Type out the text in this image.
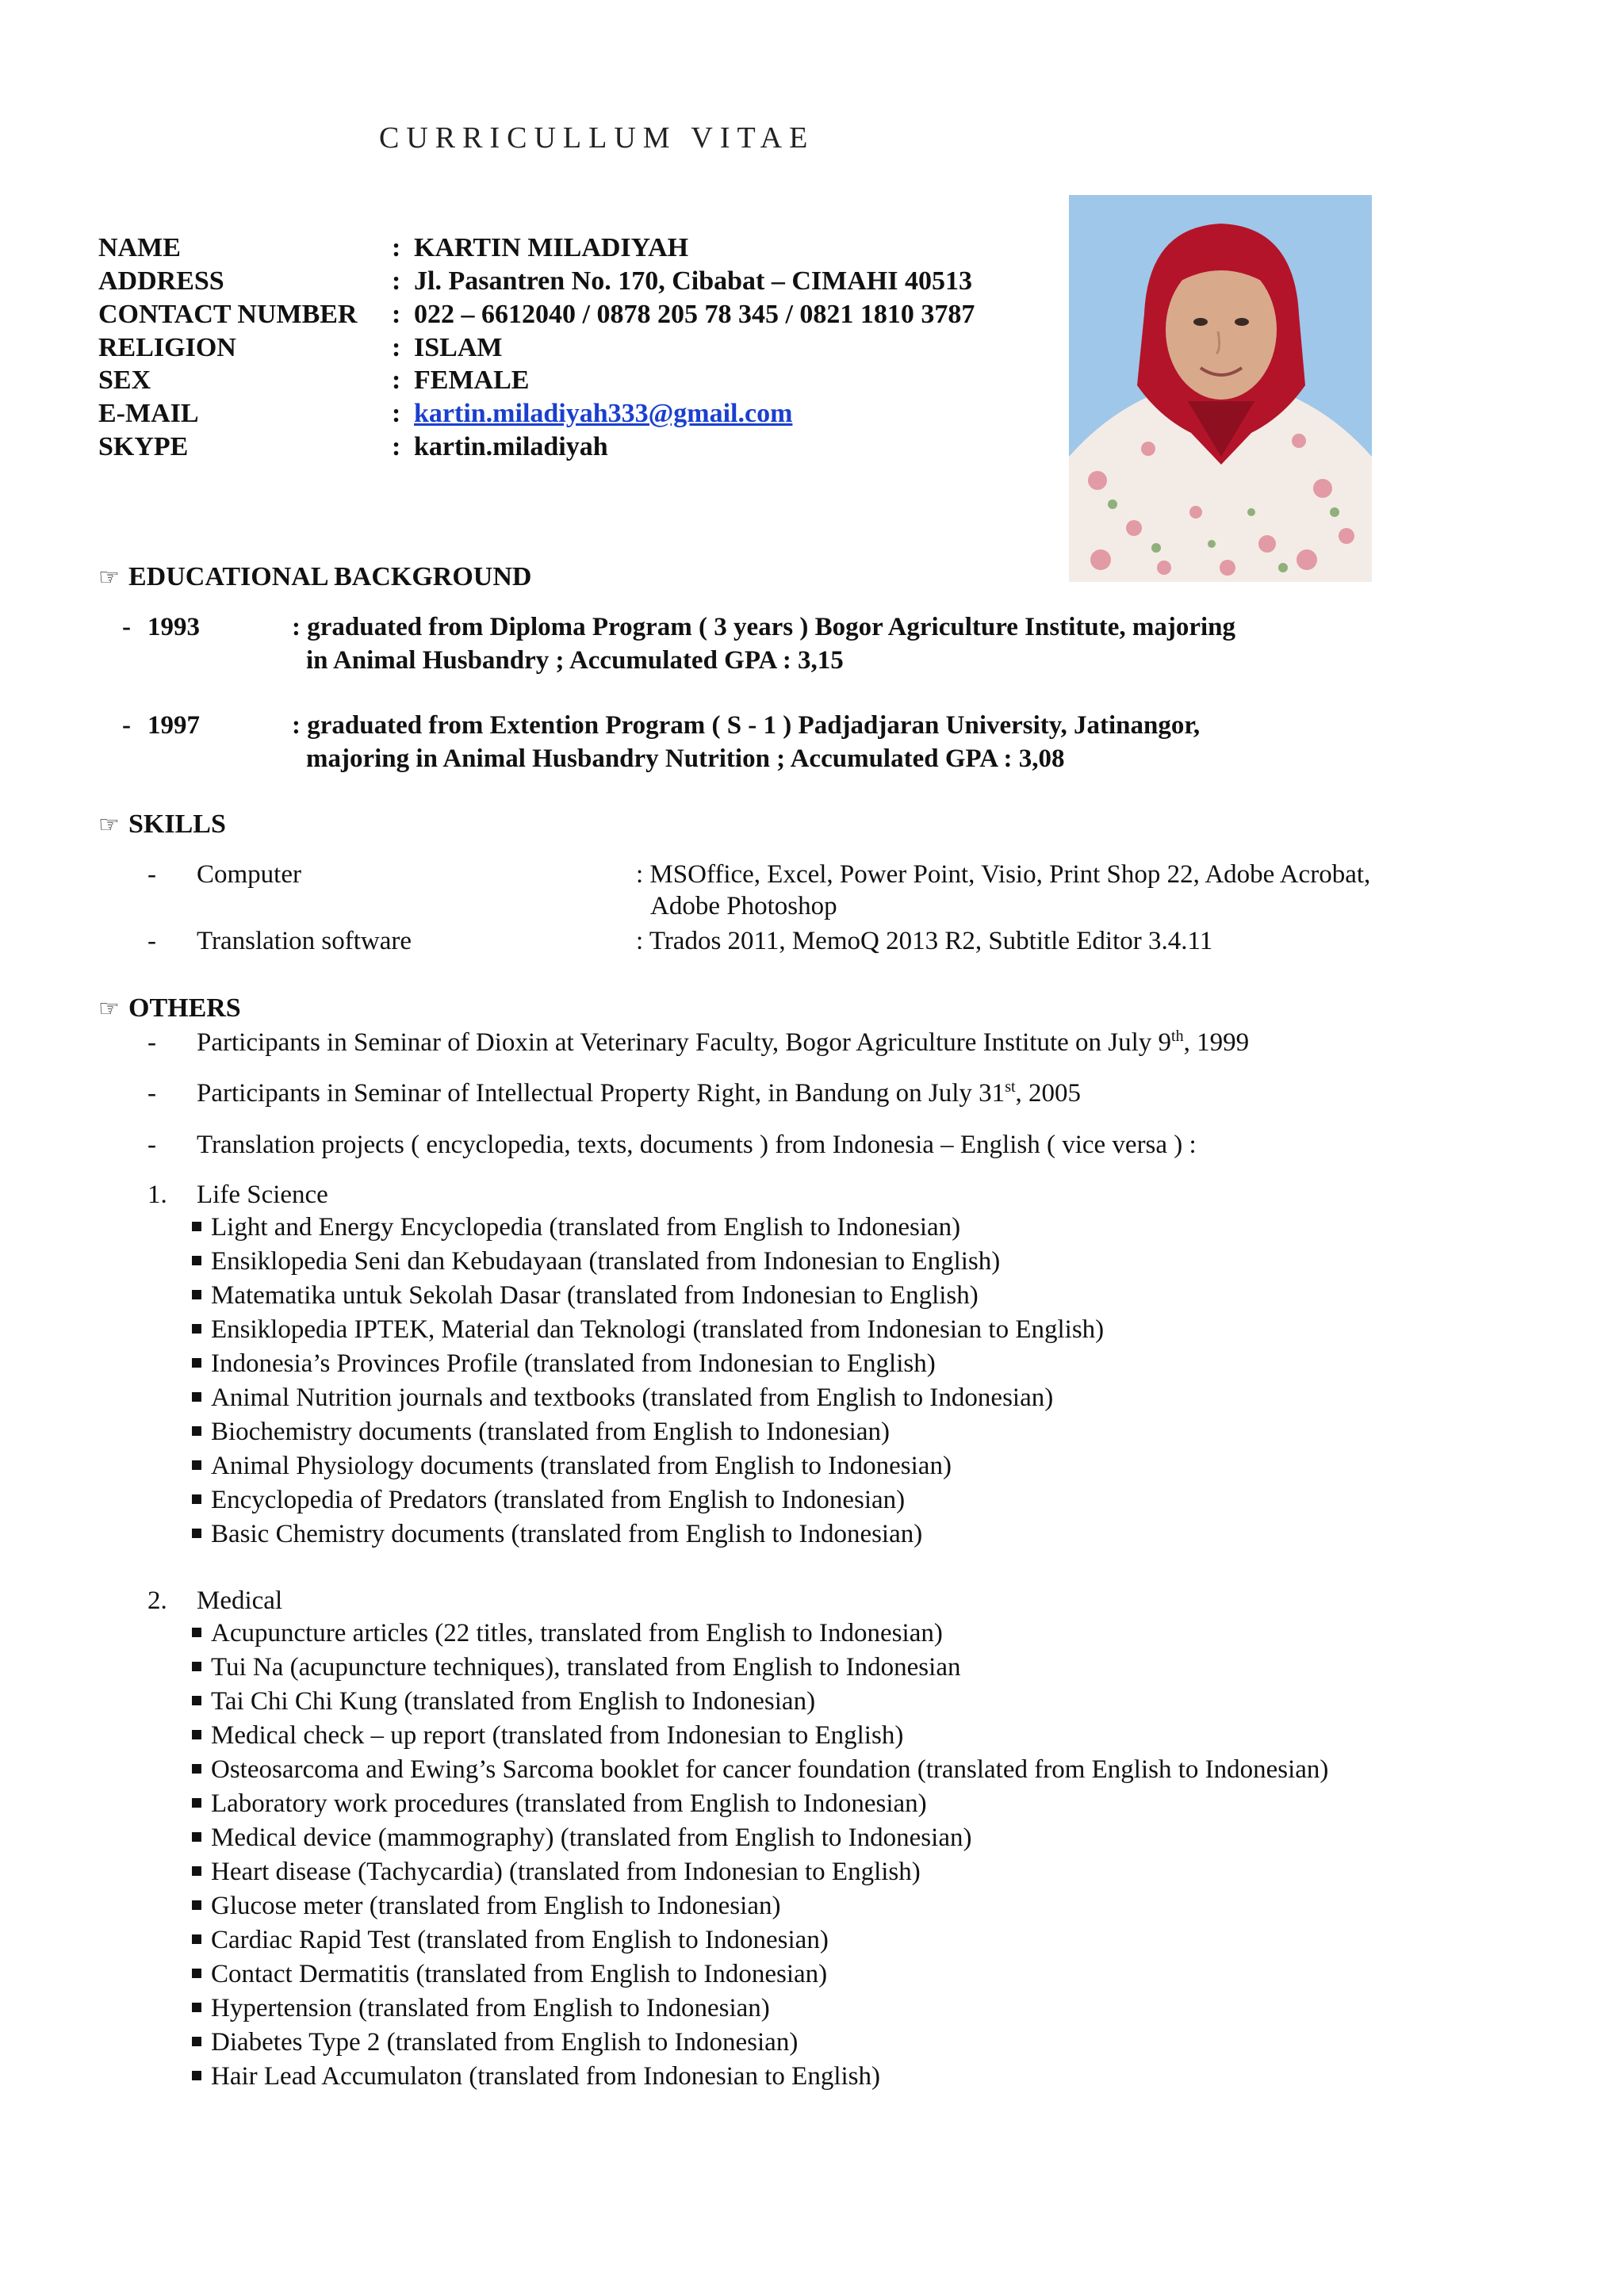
CURRICULLUM VITAE
NAME	: KARTIN MILADIYAH
ADDRESS	: Jl. Pasantren No. 170, Cibabat – CIMAHI 40513
CONTACT NUMBER : 022 – 6612040 / 0878 205 78 345 / 0821 1810 3787
RELIGION	: ISLAM
SEX	: FEMALE
E-MAIL	: kartin.miladiyah333@gmail.com
SKYPE	: kartin.miladiyah
☞ EDUCATIONAL BACKGROUND
- 1993	: graduated from Diploma Program ( 3 years ) Bogor Agriculture Institute, majoring
in Animal Husbandry ; Accumulated GPA : 3,15
- 1997	: graduated from Extention Program ( S - 1 ) Padjadjaran University, Jatinangor,
majoring in Animal Husbandry Nutrition ; Accumulated GPA : 3,08
☞ SKILLS
- Computer	: MSOffice, Excel, Power Point, Visio, Print Shop 22, Adobe Acrobat,
Adobe Photoshop
- Translation software	: Trados 2011, MemoQ 2013 R2, Subtitle Editor 3.4.11
☞ OTHERS
- Participants in Seminar of Dioxin at Veterinary Faculty, Bogor Agriculture Institute on July 9th, 1999
- Participants in Seminar of Intellectual Property Right, in Bandung on July 31st, 2005
- Translation projects ( encyclopedia, texts, documents ) from Indonesia – English ( vice versa ) :
1. Life Science
Light and Energy Encyclopedia (translated from English to Indonesian)
Ensiklopedia Seni dan Kebudayaan (translated from Indonesian to English)
Matematika untuk Sekolah Dasar (translated from Indonesian to English)
Ensiklopedia IPTEK, Material dan Teknologi (translated from Indonesian to English)
Indonesia’s Provinces Profile (translated from Indonesian to English)
Animal Nutrition journals and textbooks (translated from English to Indonesian)
Biochemistry documents (translated from English to Indonesian)
Animal Physiology documents (translated from English to Indonesian)
Encyclopedia of Predators (translated from English to Indonesian)
Basic Chemistry documents (translated from English to Indonesian)
2. Medical
Acupuncture articles (22 titles, translated from English to Indonesian)
Tui Na (acupuncture techniques), translated from English to Indonesian
Tai Chi Chi Kung (translated from English to Indonesian)
Medical check – up report (translated from Indonesian to English)
Osteosarcoma and Ewing’s Sarcoma booklet for cancer foundation (translated from English to Indonesian)
Laboratory work procedures (translated from English to Indonesian)
Medical device (mammography) (translated from English to Indonesian)
Heart disease (Tachycardia) (translated from Indonesian to English)
Glucose meter (translated from English to Indonesian)
Cardiac Rapid Test (translated from English to Indonesian)
Contact Dermatitis (translated from English to Indonesian)
Hypertension (translated from English to Indonesian)
Diabetes Type 2 (translated from English to Indonesian)
Hair Lead Accumulaton (translated from Indonesian to English)
